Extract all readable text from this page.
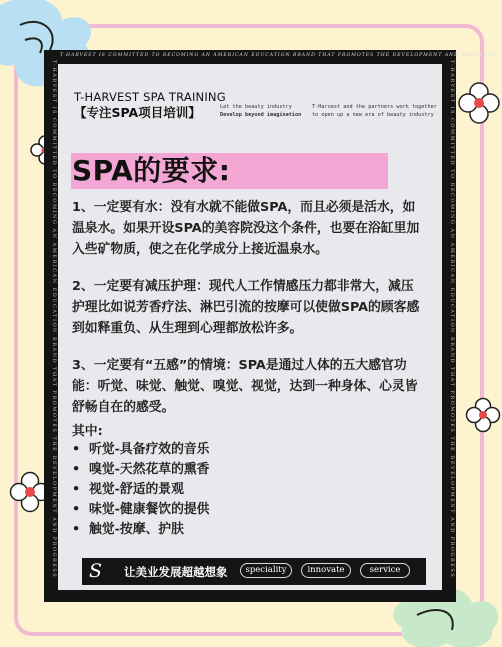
T-HARVEST IS COMMITTED TO BECOMING AN AMERICAN EDUCATION BRAND THAT PROMOTES THE DEVELOPMENT AND PROGRESS
T-HARVEST IS COMMITTED TO BECOMING AN AMERICAN EDUCATION BRAND THAT PROMOTES THE DEVELOPMENT AND PROGRESS	T-HARVEST IS COMMITTED TO BECOMING AN AMERICAN EDUCATION BRAND THAT PROMOTES THE DEVELOPMENT AND PROGRESS
T-HARVEST SPA TRAINING
【专注SPA项目培训】	Let the beauty industry
Develop beyond imagination
T-Harvest and the partners work together
to open up a new era of beauty industry
SPA的要求:
1、一定要有水：没有水就不能做SPA，而且必须是活水，如
温泉水。如果开设SPA的美容院没这个条件，也要在浴缸里加
入些矿物质，使之在化学成分上接近温泉水。
2、一定要有减压护理：现代人工作情感压力都非常大，减压
护理比如说芳香疗法、淋巴引流的按摩可以使做SPA的顾客感
到如释重负、从生理到心理都放松许多。
3、一定要有“五感”的情境：SPA是通过人体的五大感官功
能：听觉、味觉、触觉、嗅觉、视觉，达到一种身体、心灵皆
舒畅自在的感受。
其中:
• 听觉-具备疗效的音乐
• 嗅觉-天然花草的熏香
• 视觉-舒适的景观
• 味觉-健康餐饮的提供
• 触觉-按摩、护肤
S 让美业发展超越想象	speciality	innovate	service
